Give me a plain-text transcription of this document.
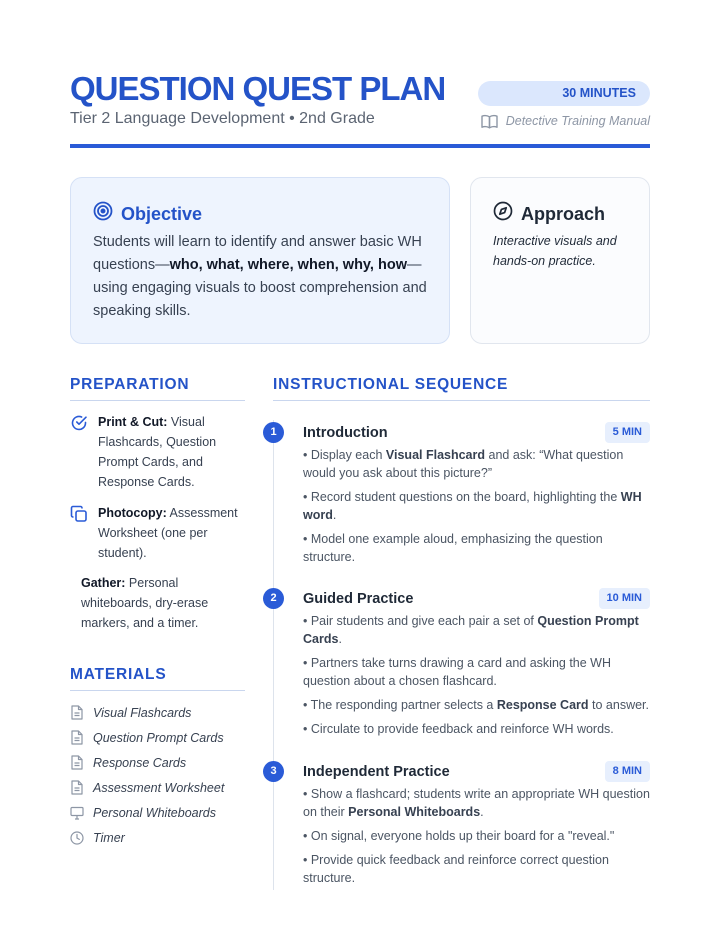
QUESTION QUEST PLAN
Tier 2 Language Development • 2nd Grade
30 MINUTES
Detective Training Manual
Objective
Students will learn to identify and answer basic WH questions—who, what, where, when, why, how—using engaging visuals to boost comprehension and speaking skills.
Approach
Interactive visuals and hands-on practice.
PREPARATION
Print & Cut: Visual Flashcards, Question Prompt Cards, and Response Cards.
Photocopy: Assessment Worksheet (one per student).
Gather: Personal whiteboards, dry-erase markers, and a timer.
MATERIALS
Visual Flashcards
Question Prompt Cards
Response Cards
Assessment Worksheet
Personal Whiteboards
Timer
INSTRUCTIONAL SEQUENCE
1	Introduction	5 MIN
• Display each Visual Flashcard and ask: “What question would you ask about this picture?”
• Record student questions on the board, highlighting the WH word.
• Model one example aloud, emphasizing the question structure.
2	Guided Practice	10 MIN
• Pair students and give each pair a set of Question Prompt Cards.
• Partners take turns drawing a card and asking the WH question about a chosen flashcard.
• The responding partner selects a Response Card to answer.
• Circulate to provide feedback and reinforce WH words.
3	Independent Practice	8 MIN
• Show a flashcard; students write an appropriate WH question on their Personal Whiteboards.
• On signal, everyone holds up their board for a "reveal."
• Provide quick feedback and reinforce correct question structure.
